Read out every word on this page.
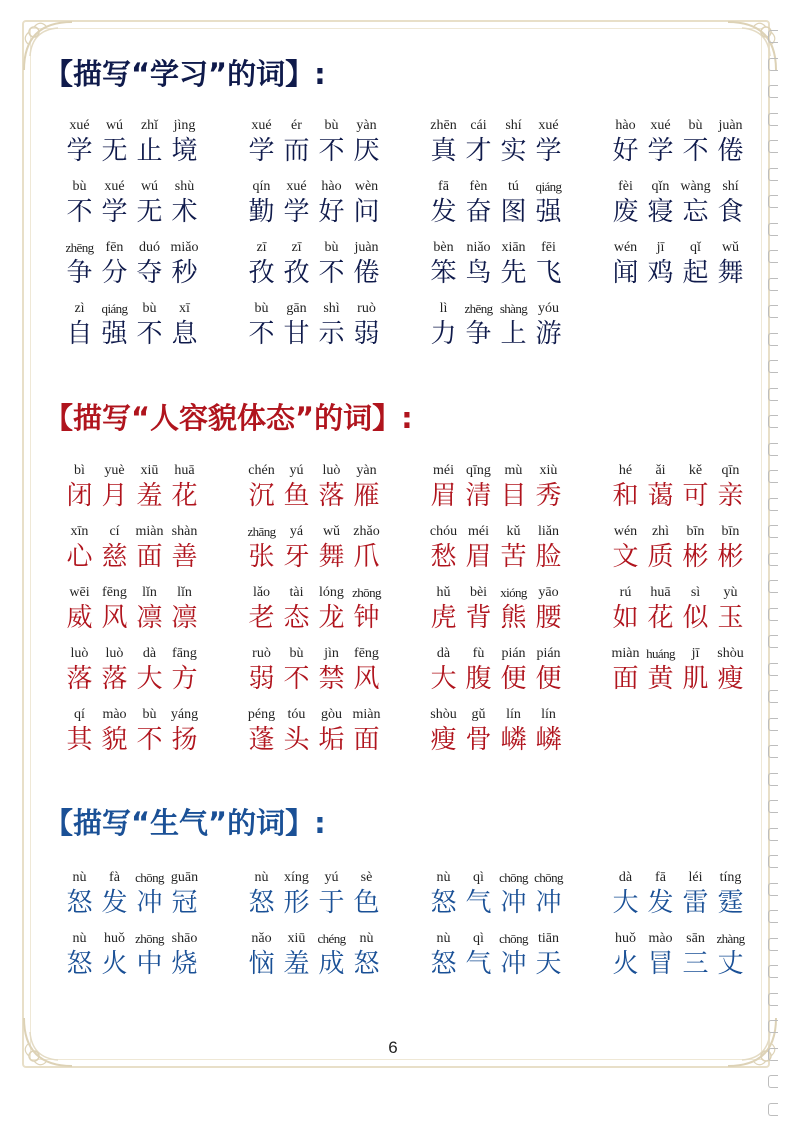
【描写“学习”的词】:
xué	wú	zhǐ	jìng
学 无 止 境
xué	ér	bù	yàn
学 而 不 厌
zhēn cái	shí	xué
真 才 实 学
hào	xué	bù	juàn
好 学 不 倦
bù	xué	wú	shù
不 学 无 术
qín	xué	hào wèn
勤 学 好 问
fā	fèn	tú	qiáng
发 奋 图 强
fèi	qǐn wàng shí
废 寝 忘 食
zhēng fēn	duó miǎo
争 分 夺 秒
zī	zī	bù	juàn
孜 孜 不 倦
bèn niǎo xiān	fēi
笨 鸟 先 飞
wén	jī	qǐ	wǔ
闻 鸡 起 舞
zì	qiáng	bù	xī
自 强 不 息
bù	gān	shì	ruò
不 甘 示 弱
lì	zhēng shàng yóu
力 争 上 游
【描写“人容貌体态”的词】:
bì	yuè	xiū	huā
闭 月 羞 花
chén	yú	luò	yàn
沉 鱼 落 雁
méi qīng mù	xiù
眉 清 目 秀
hé	ǎi	kě	qīn
和 蔼 可 亲
xīn	cí	miàn shàn
心 慈 面 善
zhāng	yá	wǔ zhǎo
张 牙 舞 爪
chóu méi	kǔ	liǎn
愁 眉 苦 脸
wén	zhì	bīn	bīn
文 质 彬 彬
wēi fēng	lǐn	lǐn
威 风 凛 凛
lǎo	tài	lóng zhōng
老 态 龙 钟
hǔ	bèi	xióng yāo
虎 背 熊 腰
rú	huā	sì	yù
如 花 似 玉
luò	luò	dà	fāng
落 落 大 方
ruò	bù	jìn	fēng
弱 不 禁 风
dà	fù	pián pián
大 腹 便 便
miàn huáng	jī	shòu
面 黄 肌 瘦
qí	mào	bù	yáng
其 貌 不 扬
péng tóu	gòu miàn
蓬 头 垢 面
shòu	gǔ	lín	lín
瘦 骨 嶙 嶙
【描写“生气”的词】:
nù	fà	chōng guān
怒 发 冲 冠
nù	xíng	yú	sè
怒 形 于 色
nù	qì	chōng chōng
怒 气 冲 冲
dà	fā	léi	tíng
大 发 雷 霆
nù	huǒ zhōng shāo
怒 火 中 烧
nǎo	xiū chéng nù
恼 羞 成 怒
nù	qì	chōng tiān
怒 气 冲 天
huǒ mào sān zhàng
火 冒 三 丈
6
